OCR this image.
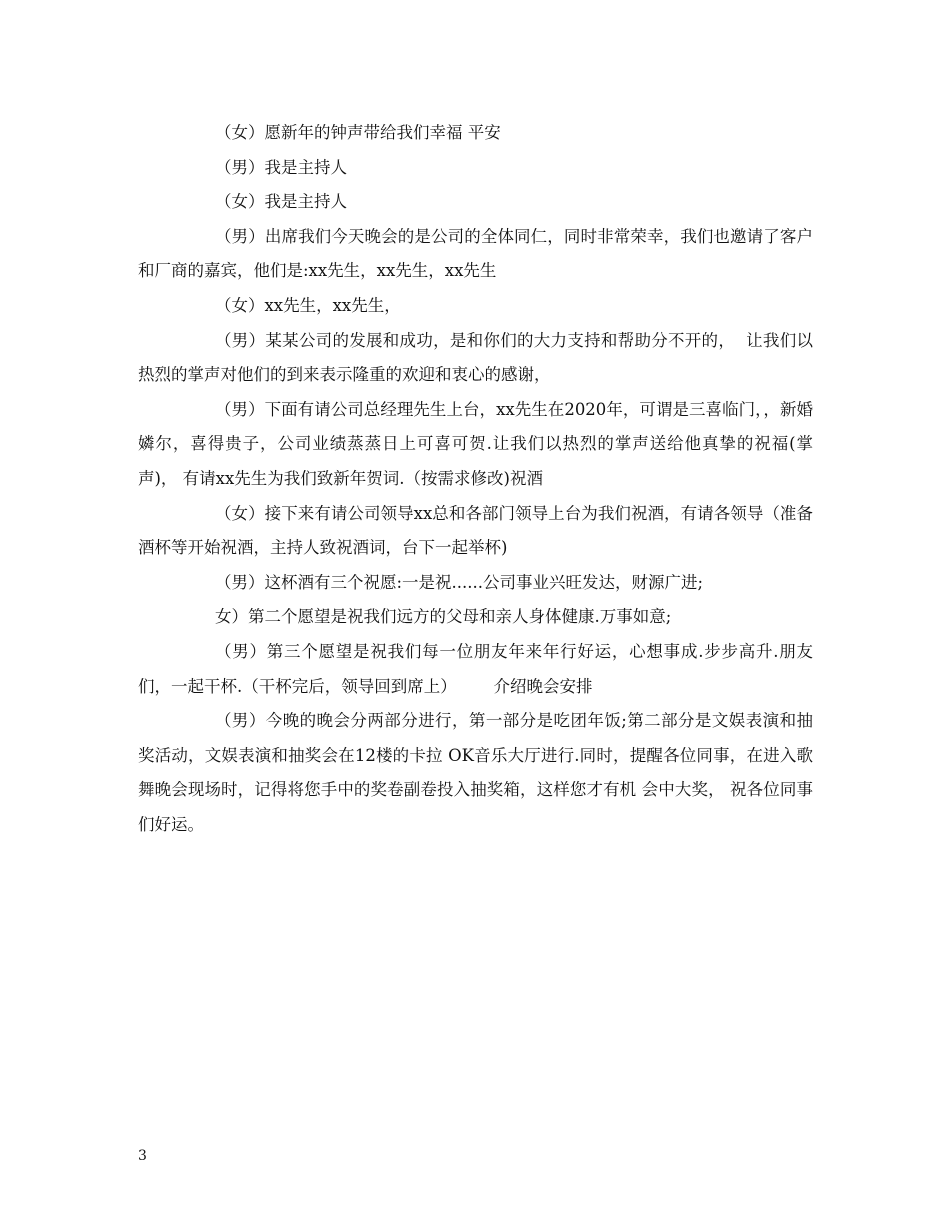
（女）愿新年的钟声带给我们幸福 平安

（男）我是主持人

（女）我是主持人

（男）出席我们今天晚会的是公司的全体同仁，同时非常荣幸，我们也邀请了客户和厂商的嘉宾，他们是:xx先生，xx先生，xx先生

（女）xx先生，xx先生，

（男）某某公司的发展和成功，是和你们的大力支持和帮助分不开的，  让我们以热烈的掌声对他们的到来表示隆重的欢迎和衷心的感谢，

（男）下面有请公司总经理先生上台，xx先生在2020年，可谓是三喜临门，，新婚嫾尔，喜得贵子，公司业绩蒸蒸日上可喜可贺.让我们以热烈的掌声送给他真挚的祝福(掌声)， 有请xx先生为我们致新年贺词.（按需求修改)祝酒

（女）接下来有请公司领导xx总和各部门领导上台为我们祝酒，有请各领导（准备酒杯等开始祝酒，主持人致祝酒词，台下一起举杯)

（男）这杯酒有三个祝愿:一是祝......公司事业兴旺发达，财源广进;

女）第二个愿望是祝我们远方的父母和亲人身体健康.万事如意;

（男）第三个愿望是祝我们每一位朋友年来年行好运，心想事成.步步高升.朋友们，一起干杯.（干杯完后，领导回到席上）       介绍晚会安排

（男）今晚的晚会分两部分进行，第一部分是吃团年饭;第二部分是文娱表演和抽奖活动，文娱表演和抽奖会在12楼的卡拉 OK音乐大厅进行.同时，提醒各位同事，在进入歌舞晚会现场时，记得将您手中的奖卷副卷投入抽奖箱，这样您才有机 会中大奖， 祝各位同事们好运。

3
